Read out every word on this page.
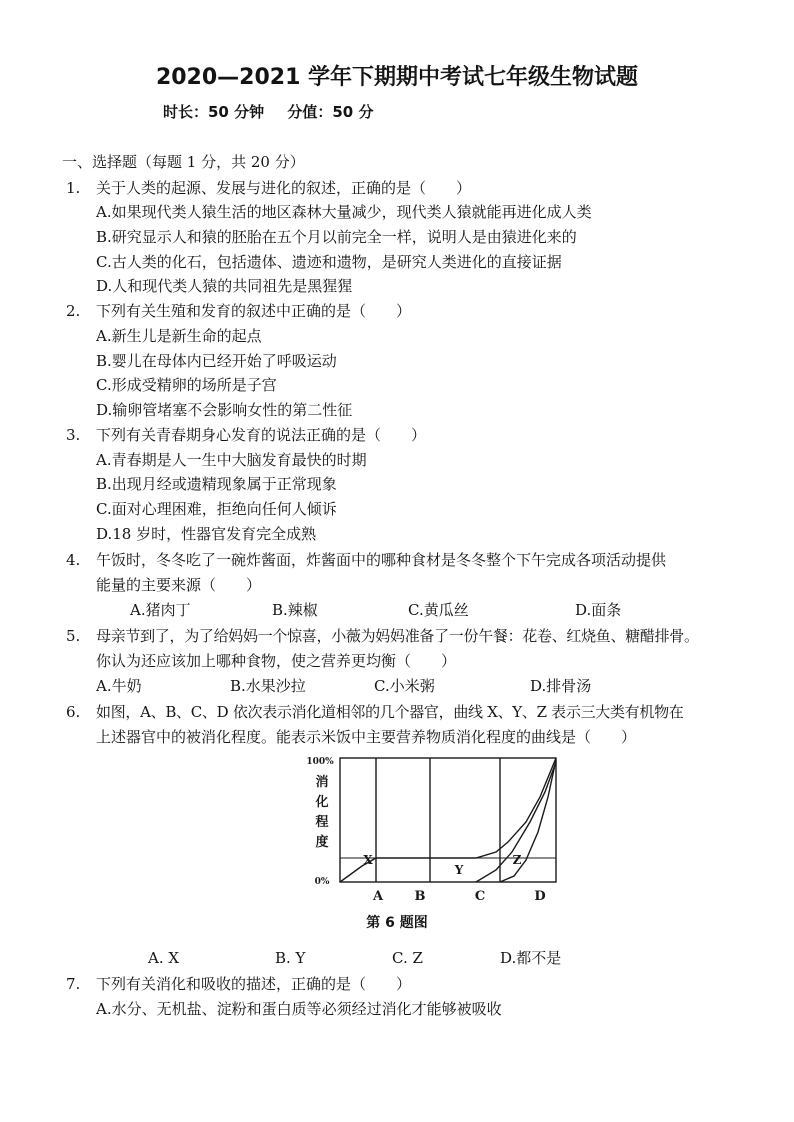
2020—2021 学年下期期中考试七年级生物试题
时长：50 分钟 分值：50 分
一、选择题（每题 1 分，共 20 分）
1. 关于人类的起源、发展与进化的叙述，正确的是（　　）
A.如果现代类人猿生活的地区森林大量减少，现代类人猿就能再进化成人类
B.研究显示人和猿的胚胎在五个月以前完全一样，说明人是由猿进化来的
C.古人类的化石，包括遗体、遗迹和遗物，是研究人类进化的直接证据
D.人和现代类人猿的共同祖先是黑猩猩
2. 下列有关生殖和发育的叙述中正确的是（　　）
A.新生儿是新生命的起点
B.婴儿在母体内已经开始了呼吸运动
C.形成受精卵的场所是子宫
D.输卵管堵塞不会影响女性的第二性征
3. 下列有关青春期身心发育的说法正确的是（　　）
A.青春期是人一生中大脑发育最快的时期
B.出现月经或遗精现象属于正常现象
C.面对心理困难，拒绝向任何人倾诉
D.18 岁时，性器官发育完全成熟
4. 午饭时，冬冬吃了一碗炸酱面，炸酱面中的哪种食材是冬冬整个下午完成各项活动提供
能量的主要来源（　　）
A.猪肉丁	B.辣椒	C.黄瓜丝	D.面条
5. 母亲节到了，为了给妈妈一个惊喜，小薇为妈妈准备了一份午餐：花卷、红烧鱼、糖醋排骨。
你认为还应该加上哪种食物，使之营养更均衡（　　）
A.牛奶	B.水果沙拉	C.小米粥	D.排骨汤
6. 如图，A、B、C、D 依次表示消化道相邻的几个器官，曲线 X、Y、Z 表示三大类有机物在
上述器官中的被消化程度。能表示米饭中主要营养物质消化程度的曲线是（　　）
100%
消
化
程
度
0%
X
Y
Z
A B	C	D
第 6 题图
A. X	B. Y	C. Z	D.都不是
7. 下列有关消化和吸收的描述，正确的是（　　）
A.水分、无机盐、淀粉和蛋白质等必须经过消化才能够被吸收
